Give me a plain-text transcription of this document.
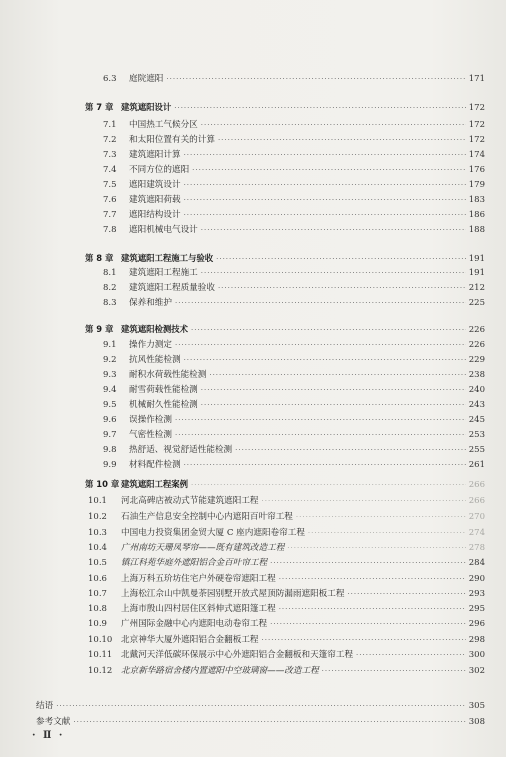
6.3	庭院遮阳 ·····	171
第 7 章 建筑遮阳设计 ·····	172
7.1	中国热工气候分区 ·····	172
7.2	和太阳位置有关的计算 ·····	172
7.3	建筑遮阳计算 ·····	174
7.4	不同方位的遮阳 ·····	176
7.5	遮阳建筑设计 ·····	179
7.6	建筑遮阳荷载 ·····	183
7.7	遮阳结构设计 ·····	186
7.8	遮阳机械电气设计 ·····	188
第 8 章 建筑遮阳工程施工与验收 ·····	191
8.1	建筑遮阳工程施工 ·····	191
8.2	建筑遮阳工程质量验收 ·····	212
8.3	保养和维护 ·····	225
第 9 章 建筑遮阳检测技术 ·····	226
9.1	操作力测定 ·····	226
9.2	抗风性能检测 ·····	229
9.3	耐积水荷载性能检测 ·····	238
9.4	耐雪荷载性能检测 ·····	240
9.5	机械耐久性能检测 ·····	243
9.6	误操作检测 ·····	245
9.7	气密性检测 ·····	253
9.8	热舒适、视觉舒适性能检测 ·····	255
9.9	材料配件检测 ·····	261
第 10 章 建筑遮阳工程案例 ·····	266
10.1	河北高碑店被动式节能建筑遮阳工程 ·····	266
10.2	石油生产信息安全控制中心内遮阳百叶帘工程 ·····	270
10.3	中国电力投资集团金贸大厦 C 座内遮阳卷帘工程 ·····	274
10.4	广州南坊天珊凤琴帘——既有建筑改造工程 ·····	278
10.5	镇江科苑华庭外遮阳铝合金百叶帘工程 ·····	284
10.6	上海万科五玠坊住宅户外硬卷帘遮阳工程 ·····	290
10.7	上海松江佘山中凯曼荼园别墅开放式屋顶防漏雨遮阳板工程 ·····	293
10.8	上海市殷山四村居住区斜伸式遮阳篷工程 ·····	295
10.9	广州国际金融中心内遮阳电动卷帘工程 ·····	296
10.10	北京神华大厦外遮阳铝合金翻板工程 ·····	298
10.11	北戴河天洋低碳环保展示中心外遮阳铝合金翻板和天篷帘工程 ·····	300
10.12	北京新华路宿舍楼内置遮阳中空玻璃窗——改造工程 ·····	302
结语 ·····	305
参考文献 ·····	308
· Ⅱ ·
